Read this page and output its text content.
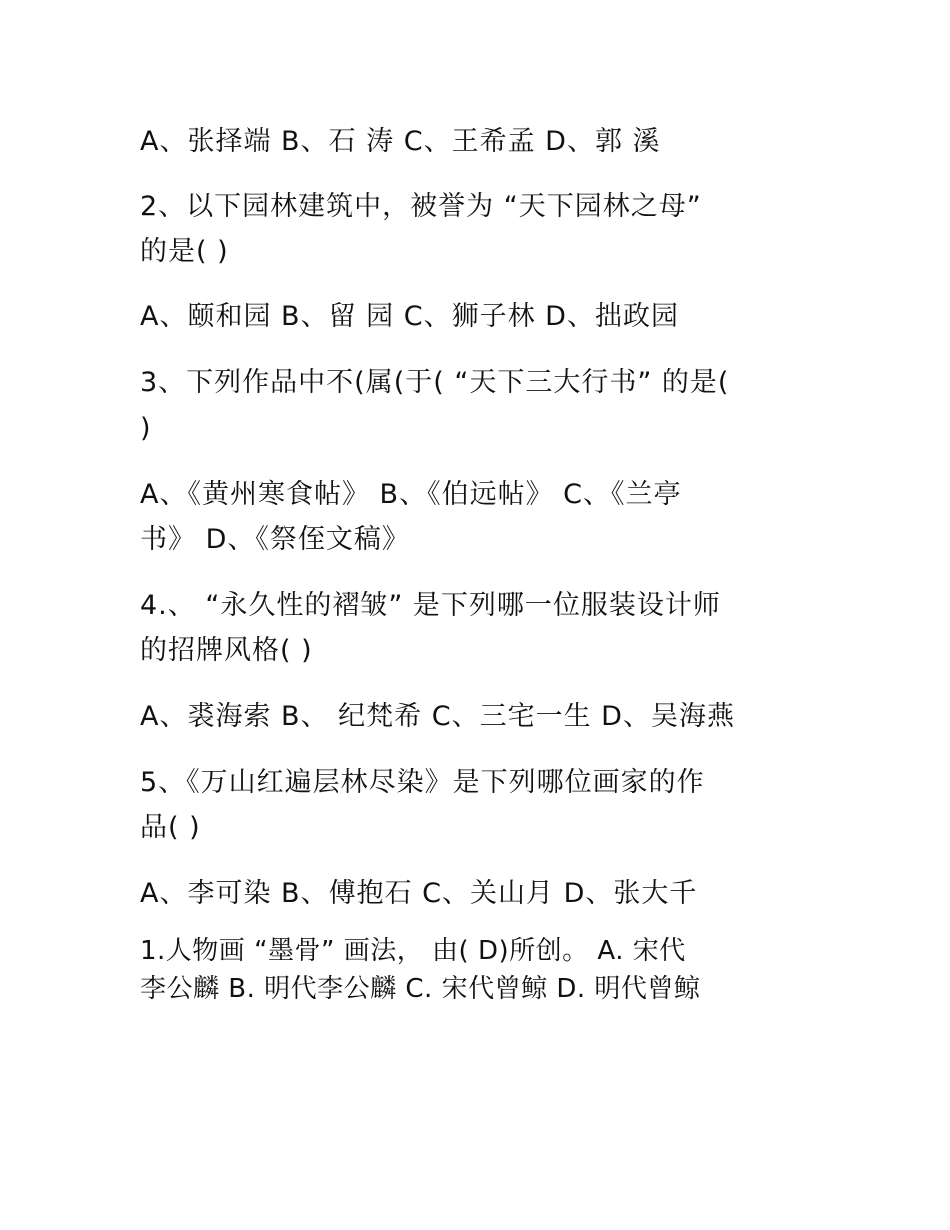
A、张择端 B、石 涛 C、王希孟 D、郭 溪
2、以下园林建筑中，被誉为 “天下园林之母”
的是( )
A、颐和园 B、留 园 C、狮子林 D、拙政园
3、下列作品中不(属(于( “天下三大行书” 的是(
)
A、《黄州寒食帖》 B、《伯远帖》 C、《兰亭
书》 D、《祭侄文稿》
4.、 “永久性的褶皱” 是下列哪一位服装设计师
的招牌风格( )
A、裘海索 B、 纪梵希 C、三宅一生 D、吴海燕
5、《万山红遍层林尽染》是下列哪位画家的作
品( )
A、李可染 B、傅抱石 C、关山月 D、张大千
1.人物画 “墨骨” 画法， 由( D)所创。 A. 宋代
李公麟 B. 明代李公麟 C. 宋代曾鲸 D. 明代曾鲸
